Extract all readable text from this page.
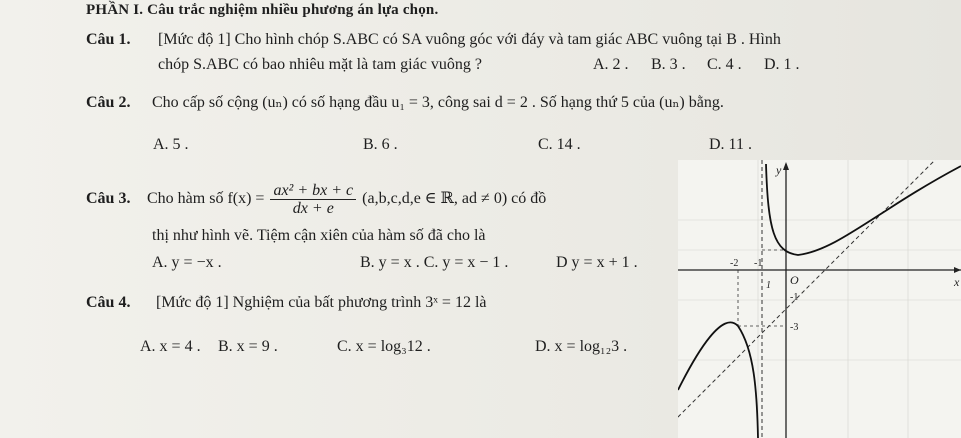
PHẦN I. Câu trắc nghiệm nhiều phương án lựa chọn.
Câu 1. [Mức độ 1] Cho hình chóp S.ABC có SA vuông góc với đáy và tam giác ABC vuông tại B . Hình
chóp S.ABC có bao nhiêu mặt là tam giác vuông ?	A. 2 . B. 3 . C. 4 . D. 1 .
Câu 2. Cho cấp số cộng (uₙ) có số hạng đầu u₁ = 3, công sai d = 2 . Số hạng thứ 5 của (uₙ) bằng.
A. 5 .	B. 6 .	C. 14 .	D. 11 .
Câu 3. Cho hàm số $f(x) = \frac{\text{ax² + bx + c}}{dx + e} (a,b,c,d,e$ ∈ ℝ, ad ≠ 0) có đồ
thị như hình vẽ. Tiệm cận xiên của hàm số đã cho là
A. y = −x .	B. y = x . C. y = x − 1 .	D y = x + 1 .
Câu 4. [Mức độ 1] Nghiệm của bất phương trình 3ˣ = 12 là
A. x = 4 . B. x = 9 .	C. x = log₃12 .	D. x = log₁₂3 .
y
x
O
-2 -1
1
-1
-3
